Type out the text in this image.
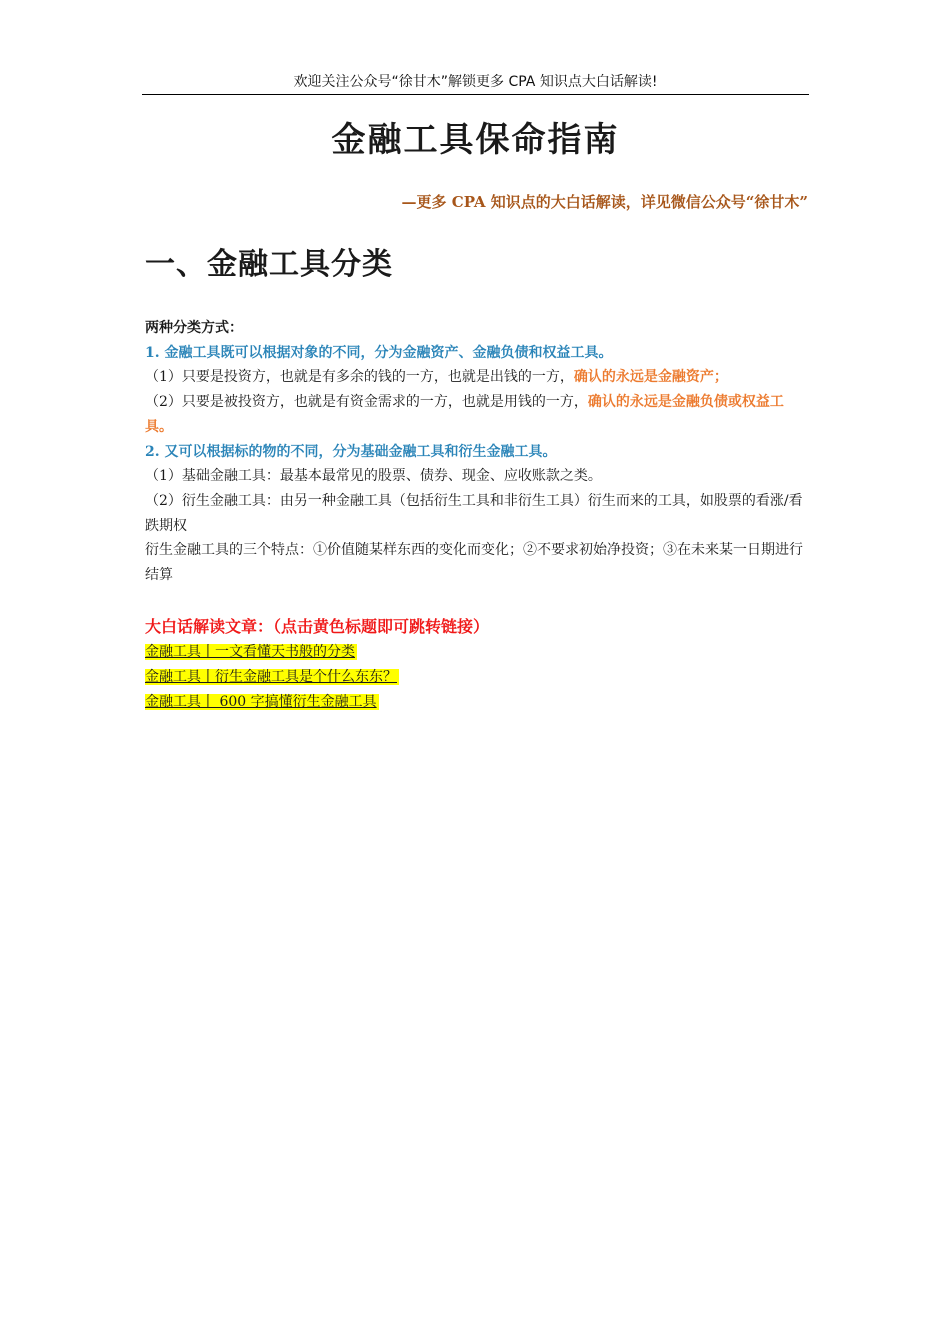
欢迎关注公众号“徐甘木”解锁更多 CPA 知识点大白话解读!
金融工具保命指南
—更多 CPA 知识点的大白话解读，详见微信公众号“徐甘木”
一、金融工具分类

两种分类方式：

1. 金融工具既可以根据对象的不同，分为金融资产、金融负债和权益工具。

（1）只要是投资方，也就是有多余的钱的一方，也就是出钱的一方，确认的永远是金融资产；

（2）只要是被投资方，也就是有资金需求的一方，也就是用钱的一方，确认的永远是金融负债或权益工具。

2. 又可以根据标的物的不同，分为基础金融工具和衍生金融工具。

（1）基础金融工具：最基本最常见的股票、债券、现金、应收账款之类。

（2）衍生金融工具：由另一种金融工具（包括衍生工具和非衍生工具）衍生而来的工具，如股票的看涨/看跌期权

衍生金融工具的三个特点：①价值随某样东西的变化而变化；②不要求初始净投资；③在未来某一日期进行结算

大白话解读文章：（点击黄色标题即可跳转链接）

金融工具丨一文看懂天书般的分类

金融工具丨衍生金融工具是个什么东东？

金融工具丨 600 字搞懂衍生金融工具
